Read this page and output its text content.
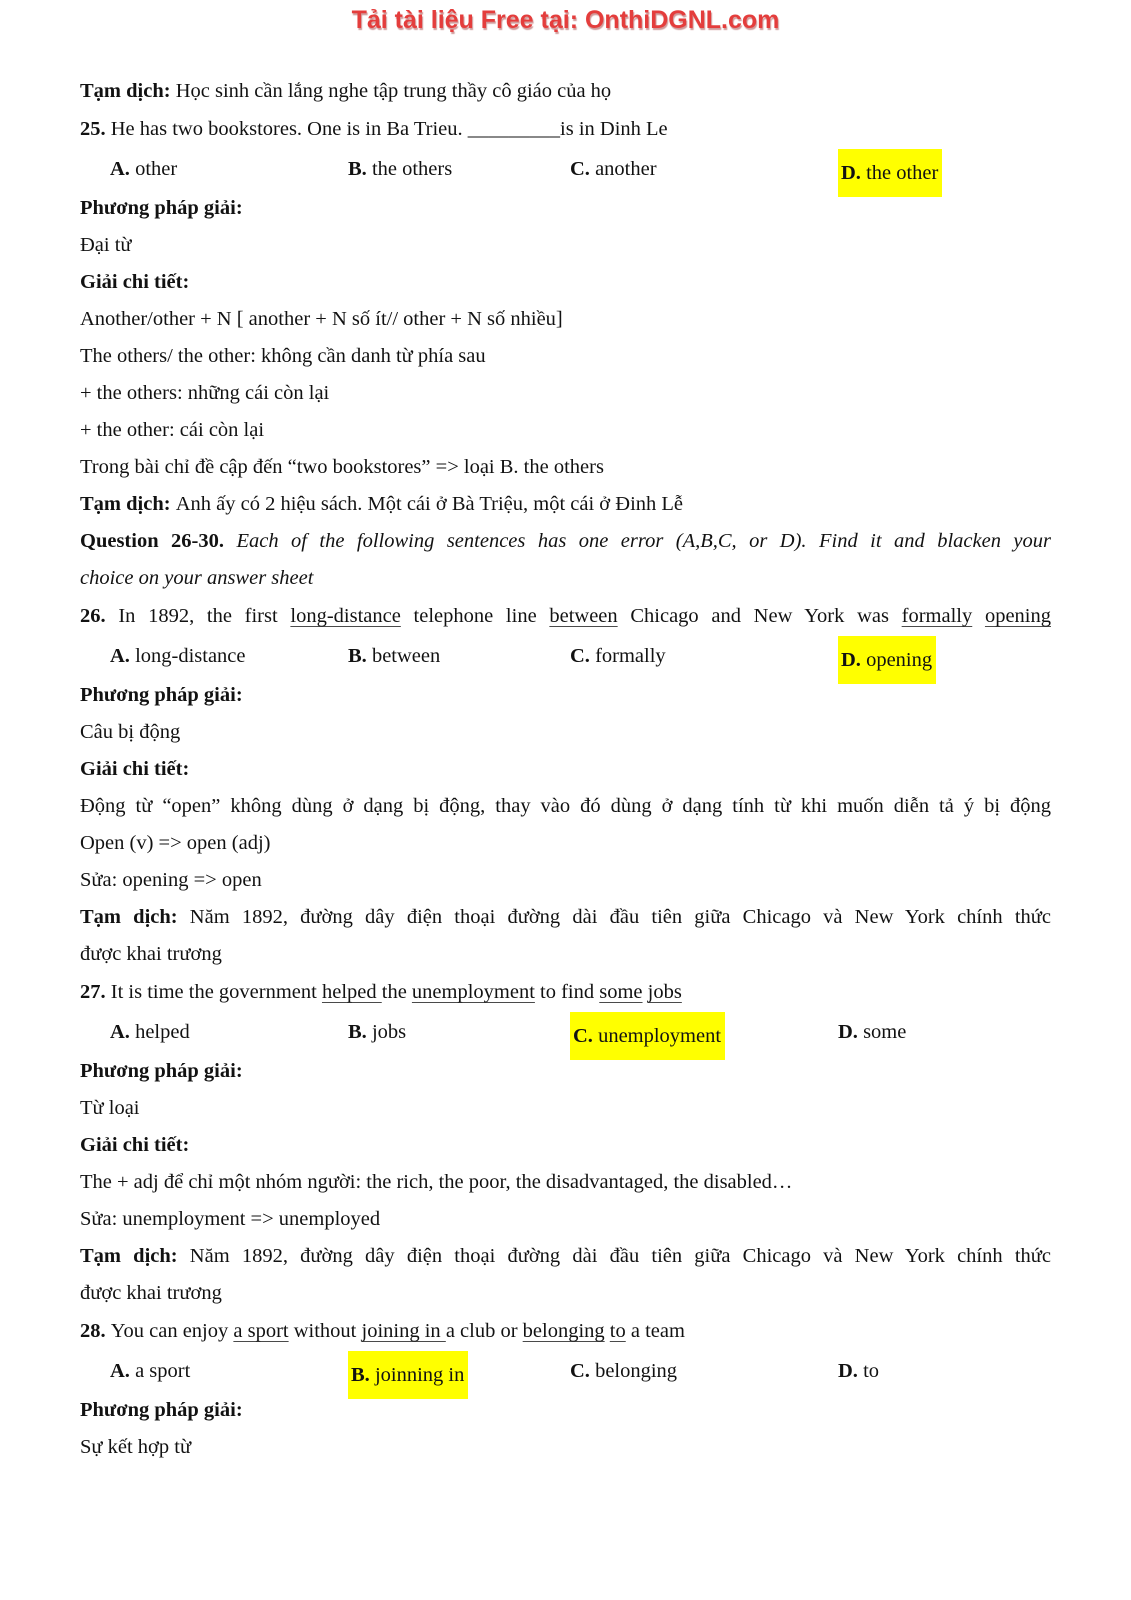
Tải tài liệu Free tại: OnthiDGNL.com
Tạm dịch: Học sinh cần lắng nghe tập trung thầy cô giáo của họ
25. He has two bookstores. One is in Ba Trieu. _________is in Dinh Le
A. other	B. the others	C. another	D. the other
Phương pháp giải:
Đại từ
Giải chi tiết:
Another/other + N [ another + N số ít// other + N số nhiều]
The others/ the other: không cần danh từ phía sau
+ the others: những cái còn lại
+ the other: cái còn lại
Trong bài chỉ đề cập đến “two bookstores” => loại B. the others
Tạm dịch: Anh ấy có 2 hiệu sách. Một cái ở Bà Triệu, một cái ở Đinh Lễ
Question 26-30. Each of the following sentences has one error (A,B,C, or D). Find it and blacken your
choice on your answer sheet
26. In 1892, the first long-distance telephone line between Chicago and New York was formally opening
A. long-distance	B. between	C. formally	D. opening
Phương pháp giải:
Câu bị động
Giải chi tiết:
Động từ “open” không dùng ở dạng bị động, thay vào đó dùng ở dạng tính từ khi muốn diễn tả ý bị động
Open (v) => open (adj)
Sửa: opening => open
Tạm dịch: Năm 1892, đường dây điện thoại đường dài đầu tiên giữa Chicago và New York chính thức
được khai trương
27. It is time the government helped the unemployment to find some jobs
A. helped	B. jobs	C. unemployment	D. some
Phương pháp giải:
Từ loại
Giải chi tiết:
The + adj để chỉ một nhóm người: the rich, the poor, the disadvantaged, the disabled…
Sửa: unemployment => unemployed
Tạm dịch: Năm 1892, đường dây điện thoại đường dài đầu tiên giữa Chicago và New York chính thức
được khai trương
28. You can enjoy a sport without joining in a club or belonging to a team
A. a sport	B. joinning in	C. belonging	D. to
Phương pháp giải:
Sự kết hợp từ
